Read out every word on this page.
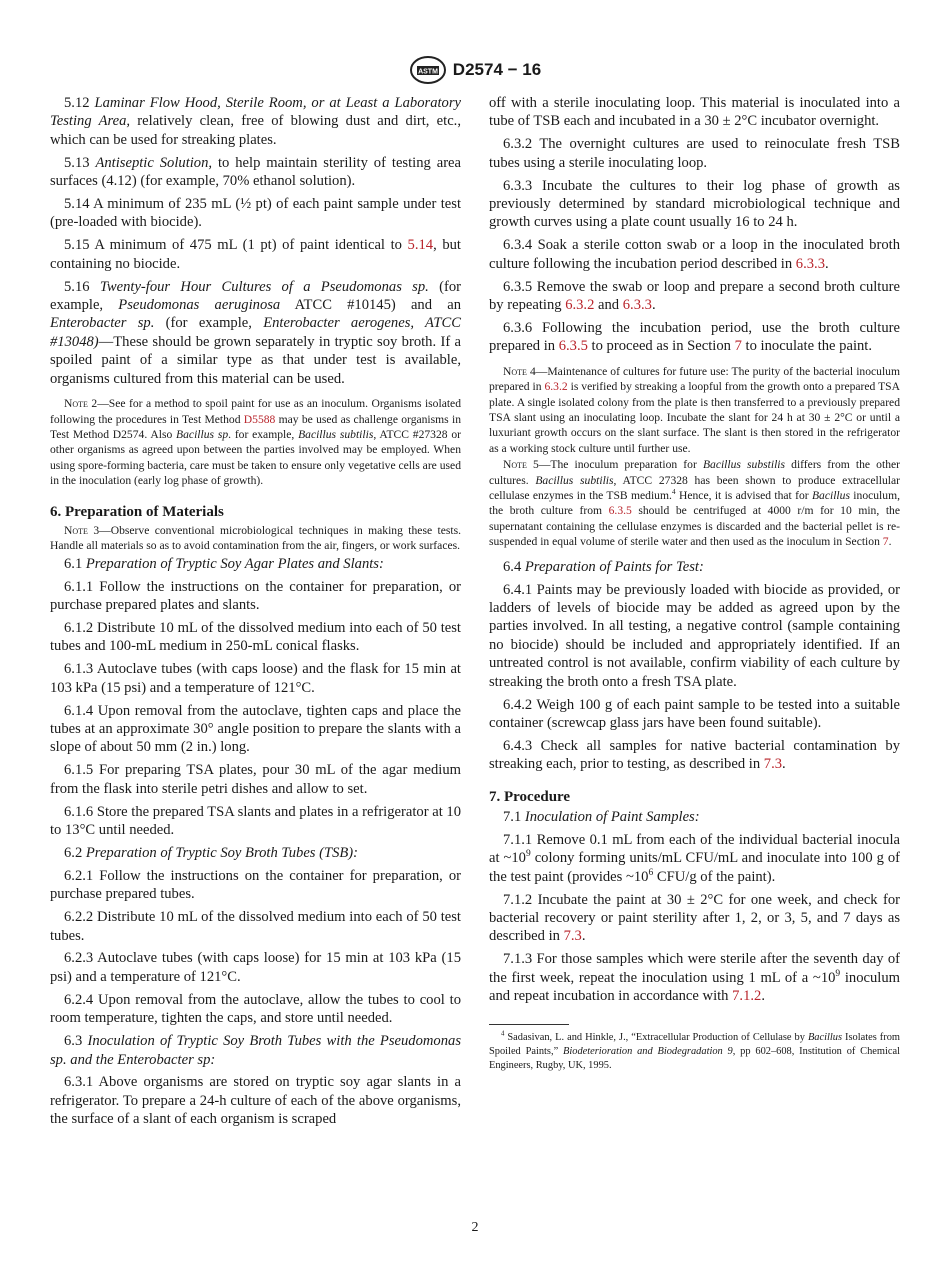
ASTM D2574 − 16

5.12 Laminar Flow Hood, Sterile Room, or at Least a Laboratory Testing Area, relatively clean, free of blowing dust and dirt, etc., which can be used for streaking plates.

5.13 Antiseptic Solution, to help maintain sterility of testing area surfaces (4.12) (for example, 70% ethanol solution).

5.14 A minimum of 235 mL (½ pt) of each paint sample under test (pre-loaded with biocide).

5.15 A minimum of 475 mL (1 pt) of paint identical to 5.14, but containing no biocide.

5.16 Twenty-four Hour Cultures of a Pseudomonas sp. (for example, Pseudomonas aeruginosa ATCC #10145) and an Enterobacter sp. (for example, Enterobacter aerogenes, ATCC #13048)—These should be grown separately in tryptic soy broth. If a spoiled paint of a similar type as that under test is available, organisms cultured from this material can be used.

Note 2—See for a method to spoil paint for use as an inoculum. Organisms isolated following the procedures in Test Method D5588 may be used as challenge organisms in Test Method D2574. Also Bacillus sp. for example, Bacillus subtilis, ATCC #27328 or other organisms as agreed upon between the parties involved may be employed. When using spore-forming bacteria, care must be taken to ensure only vegetative cells are used in the inoculation (early log phase of growth).

6. Preparation of Materials

Note 3—Observe conventional microbiological techniques in making these tests. Handle all materials so as to avoid contamination from the air, fingers, or work surfaces.

6.1 Preparation of Tryptic Soy Agar Plates and Slants:

6.1.1 Follow the instructions on the container for preparation, or purchase prepared plates and slants.

6.1.2 Distribute 10 mL of the dissolved medium into each of 50 test tubes and 100-mL medium in 250-mL conical flasks.

6.1.3 Autoclave tubes (with caps loose) and the flask for 15 min at 103 kPa (15 psi) and a temperature of 121°C.

6.1.4 Upon removal from the autoclave, tighten caps and place the tubes at an approximate 30° angle position to prepare the slants with a slope of about 50 mm (2 in.) long.

6.1.5 For preparing TSA plates, pour 30 mL of the agar medium from the flask into sterile petri dishes and allow to set.

6.1.6 Store the prepared TSA slants and plates in a refrigerator at 10 to 13°C until needed.

6.2 Preparation of Tryptic Soy Broth Tubes (TSB):

6.2.1 Follow the instructions on the container for preparation, or purchase prepared tubes.

6.2.2 Distribute 10 mL of the dissolved medium into each of 50 test tubes.

6.2.3 Autoclave tubes (with caps loose) for 15 min at 103 kPa (15 psi) and a temperature of 121°C.

6.2.4 Upon removal from the autoclave, allow the tubes to cool to room temperature, tighten the caps, and store until needed.

6.3 Inoculation of Tryptic Soy Broth Tubes with the Pseudomonas sp. and the Enterobacter sp:

6.3.1 Above organisms are stored on tryptic soy agar slants in a refrigerator. To prepare a 24-h culture of each of the above organisms, the surface of a slant of each organism is scraped

off with a sterile inoculating loop. This material is inoculated into a tube of TSB each and incubated in a 30 ± 2°C incubator overnight.

6.3.2 The overnight cultures are used to reinoculate fresh TSB tubes using a sterile inoculating loop.

6.3.3 Incubate the cultures to their log phase of growth as previously determined by standard microbiological technique and growth curves using a plate count usually 16 to 24 h.

6.3.4 Soak a sterile cotton swab or a loop in the inoculated broth culture following the incubation period described in 6.3.3.

6.3.5 Remove the swab or loop and prepare a second broth culture by repeating 6.3.2 and 6.3.3.

6.3.6 Following the incubation period, use the broth culture prepared in 6.3.5 to proceed as in Section 7 to inoculate the paint.

Note 4—Maintenance of cultures for future use: The purity of the bacterial inoculum prepared in 6.3.2 is verified by streaking a loopful from the growth onto a prepared TSA plate. A single isolated colony from the plate is then transferred to a previously prepared TSA slant using an inoculating loop. Incubate the slant for 24 h at 30 ± 2°C or until a luxuriant growth occurs on the slant surface. The slant is then stored in the refrigerator as a working stock culture until further use.

Note 5—The inoculum preparation for Bacillus substilis differs from the other cultures. Bacillus subtilis, ATCC 27328 has been shown to produce extracellular cellulase enzymes in the TSB medium.$^4$ Hence, it is advised that for Bacillus inoculum, the broth culture from 6.3.5 should be centrifuged at 4000 r/m for 10 min, the supernatant containing the cellulase enzymes is discarded and the bacterial pellet is re-suspended in equal volume of sterile water and then used as the inoculum in Section 7.

6.4 Preparation of Paints for Test:

6.4.1 Paints may be previously loaded with biocide as provided, or ladders of levels of biocide may be added as agreed upon by the parties involved. In all testing, a negative control (sample containing no biocide) should be included and appropriately identified. If an untreated control is not available, confirm viability of each culture by streaking the broth onto a fresh TSA plate.

6.4.2 Weigh 100 g of each paint sample to be tested into a suitable container (screwcap glass jars have been found suitable).

6.4.3 Check all samples for native bacterial contamination by streaking each, prior to testing, as described in 7.3.

7. Procedure

7.1 Inoculation of Paint Samples:

7.1.1 Remove 0.1 mL from each of the individual bacterial inocula at $\sim 10^9$ colony forming units/mL CFU/mL and inoculate into 100 g of the test paint (provides $\sim 10^6$ CFU/g of the paint).

7.1.2 Incubate the paint at 30 ± 2°C for one week, and check for bacterial recovery or paint sterility after 1, 2, or 3, 5, and 7 days as described in 7.3.

7.1.3 For those samples which were sterile after the seventh day of the first week, repeat the inoculation using 1 mL of a $\sim 10^9$ inoculum and repeat incubation in accordance with 7.1.2.

$^4$ Sadasivan, L. and Hinkle, J., “Extracellular Production of Cellulase by Bacillus Isolates from Spoiled Paints,” Biodeterioration and Biodegradation 9, pp 602–608, Institution of Chemical Engineers, Rugby, UK, 1995.

2
